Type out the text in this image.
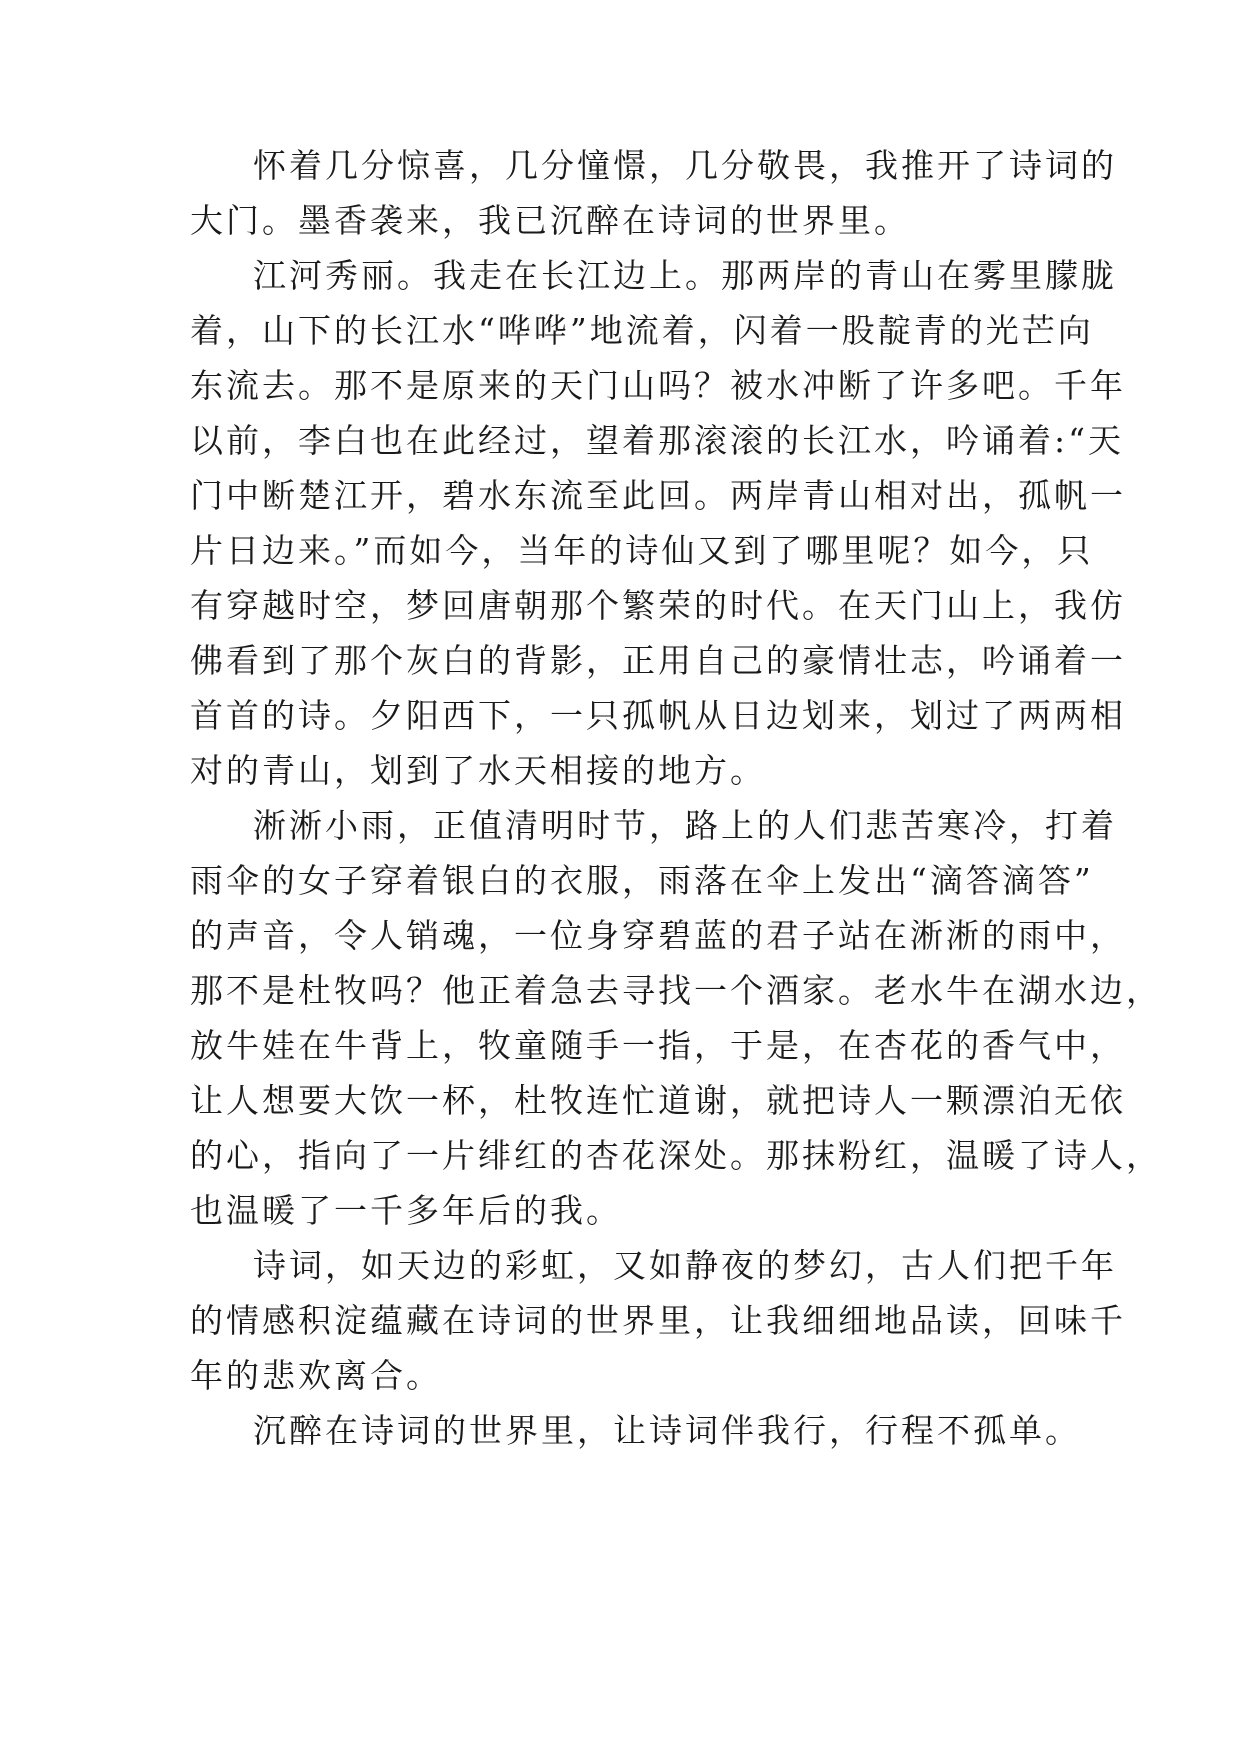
怀着几分惊喜，几分憧憬，几分敬畏，我推开了诗词的
大门。墨香袭来，我已沉醉在诗词的世界里。
江河秀丽。我走在长江边上。那两岸的青山在雾里朦胧
着，山下的长江水“哗哗”地流着，闪着一股靛青的光芒向
东流去。那不是原来的天门山吗？被水冲断了许多吧。千年
以前，李白也在此经过，望着那滚滚的长江水，吟诵着:“天
门中断楚江开，碧水东流至此回。两岸青山相对出，孤帆一
片日边来。”而如今，当年的诗仙又到了哪里呢？如今，只
有穿越时空，梦回唐朝那个繁荣的时代。在天门山上，我仿
佛看到了那个灰白的背影，正用自己的豪情壮志，吟诵着一
首首的诗。夕阳西下，一只孤帆从日边划来，划过了两两相
对的青山，划到了水天相接的地方。
淅淅小雨，正值清明时节，路上的人们悲苦寒冷，打着
雨伞的女子穿着银白的衣服，雨落在伞上发出“滴答滴答”
的声音，令人销魂，一位身穿碧蓝的君子站在淅淅的雨中，
那不是杜牧吗？他正着急去寻找一个酒家。老水牛在湖水边，
放牛娃在牛背上，牧童随手一指，于是，在杏花的香气中，
让人想要大饮一杯，杜牧连忙道谢，就把诗人一颗漂泊无依
的心，指向了一片绯红的杏花深处。那抹粉红，温暖了诗人，
也温暖了一千多年后的我。
诗词，如天边的彩虹，又如静夜的梦幻，古人们把千年
的情感积淀蕴藏在诗词的世界里，让我细细地品读，回味千
年的悲欢离合。
沉醉在诗词的世界里，让诗词伴我行，行程不孤单。
